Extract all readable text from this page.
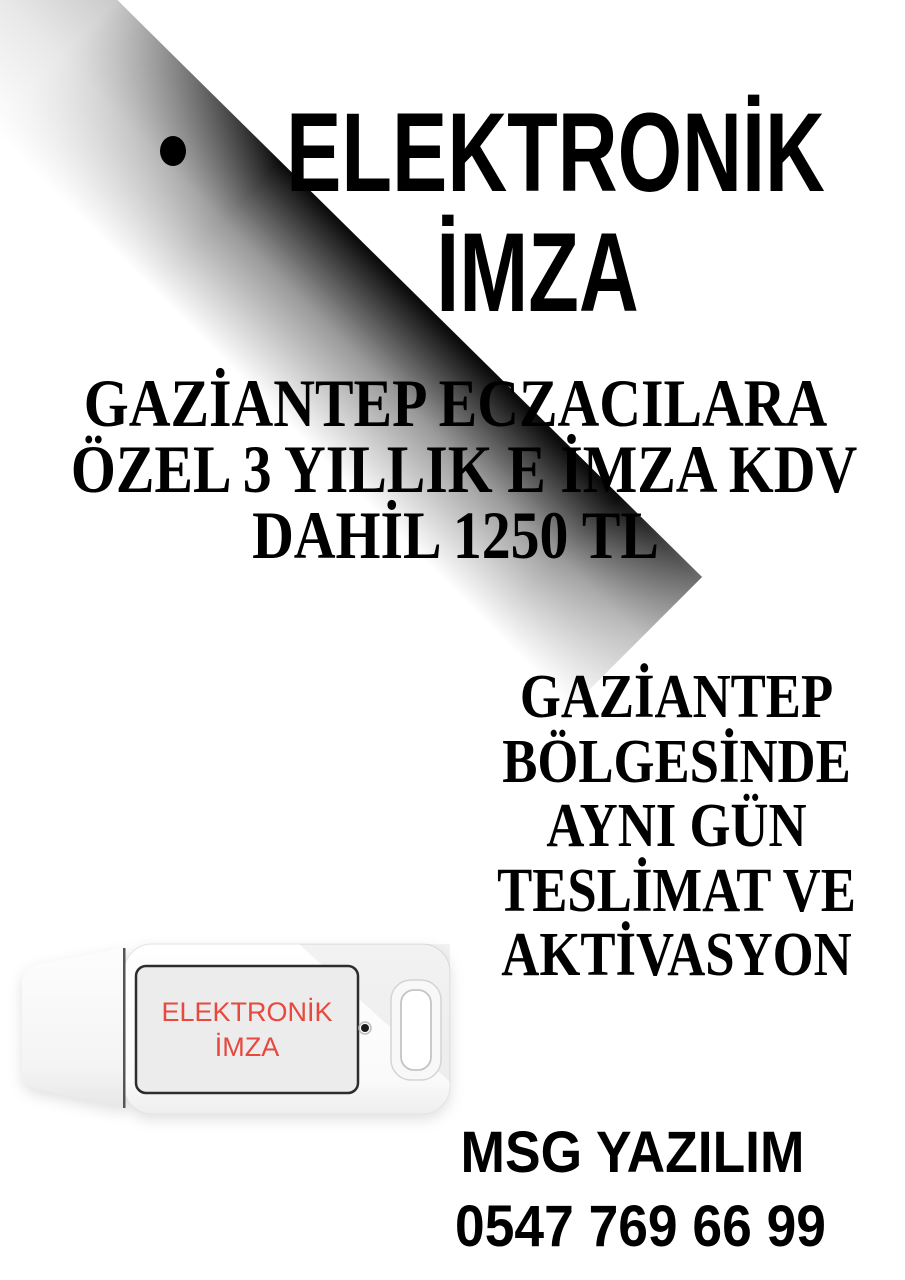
ELEKTRONİK
İMZA
GAZİANTEP ECZACILARA
ÖZEL 3 YILLIK E İMZA KDV
DAHİL 1250 TL
GAZİANTEP
BÖLGESİNDE
AYNI GÜN
TESLİMAT VE
AKTİVASYON
ELEKTRONİK
İMZA
MSG YAZILIM
0547 769 66 99
